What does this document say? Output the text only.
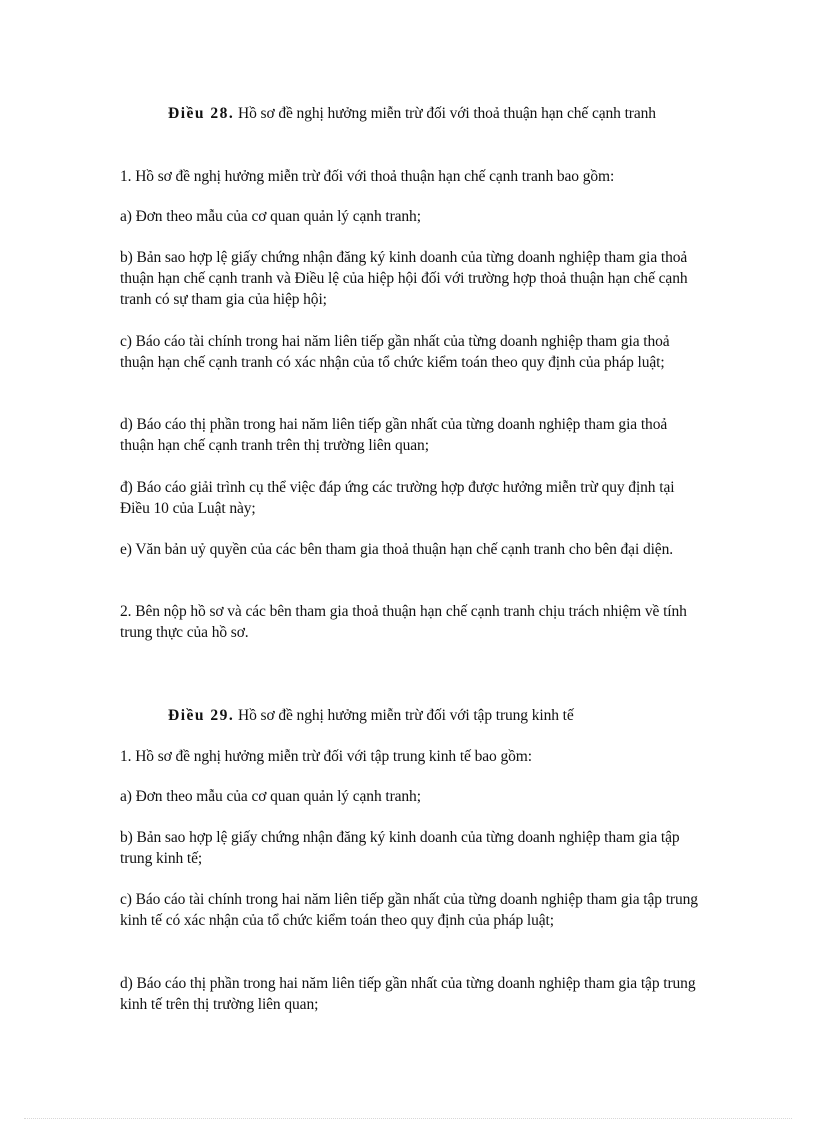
Điều 28. Hồ sơ đề nghị hưởng miễn trừ đối với thoả thuận hạn chế cạnh tranh

1. Hồ sơ đề nghị hưởng miễn trừ đối với thoả thuận hạn chế cạnh tranh bao gồm:

a) Đơn theo mẫu của cơ quan quản lý cạnh tranh;

b) Bản sao hợp lệ giấy chứng nhận đăng ký kinh doanh của từng doanh nghiệp tham gia thoả thuận hạn chế cạnh tranh và Điều lệ của hiệp hội đối với trường hợp thoả thuận hạn chế cạnh tranh có sự tham gia của hiệp hội;

c) Báo cáo tài chính trong hai năm liên tiếp gần nhất của từng doanh nghiệp tham gia thoả thuận hạn chế cạnh tranh có xác nhận của tổ chức kiểm toán theo quy định của pháp luật;

d) Báo cáo thị phần trong hai năm liên tiếp gần nhất của từng doanh nghiệp tham gia thoả thuận hạn chế cạnh tranh trên thị trường liên quan;

đ) Báo cáo giải trình cụ thể việc đáp ứng các trường hợp được hưởng miễn trừ quy định tại Điều 10 của Luật này;

e) Văn bản uỷ quyền của các bên tham gia thoả thuận hạn chế cạnh tranh cho bên đại diện.

2. Bên nộp hồ sơ và các bên tham gia thoả thuận hạn chế cạnh tranh chịu trách nhiệm về tính trung thực của hồ sơ.

Điều 29. Hồ sơ đề nghị hưởng miễn trừ đối với tập trung kinh tế

1. Hồ sơ đề nghị hưởng miễn trừ đối với tập trung kinh tế bao gồm:

a) Đơn theo mẫu của cơ quan quản lý cạnh tranh;

b) Bản sao hợp lệ giấy chứng nhận đăng ký kinh doanh của từng doanh nghiệp tham gia tập trung kinh tế;

c) Báo cáo tài chính trong hai năm liên tiếp gần nhất của từng doanh nghiệp tham gia tập trung kinh tế có xác nhận của tổ chức kiểm toán theo quy định của pháp luật;

d) Báo cáo thị phần trong hai năm liên tiếp gần nhất của từng doanh nghiệp tham gia tập trung kinh tế trên thị trường liên quan;
